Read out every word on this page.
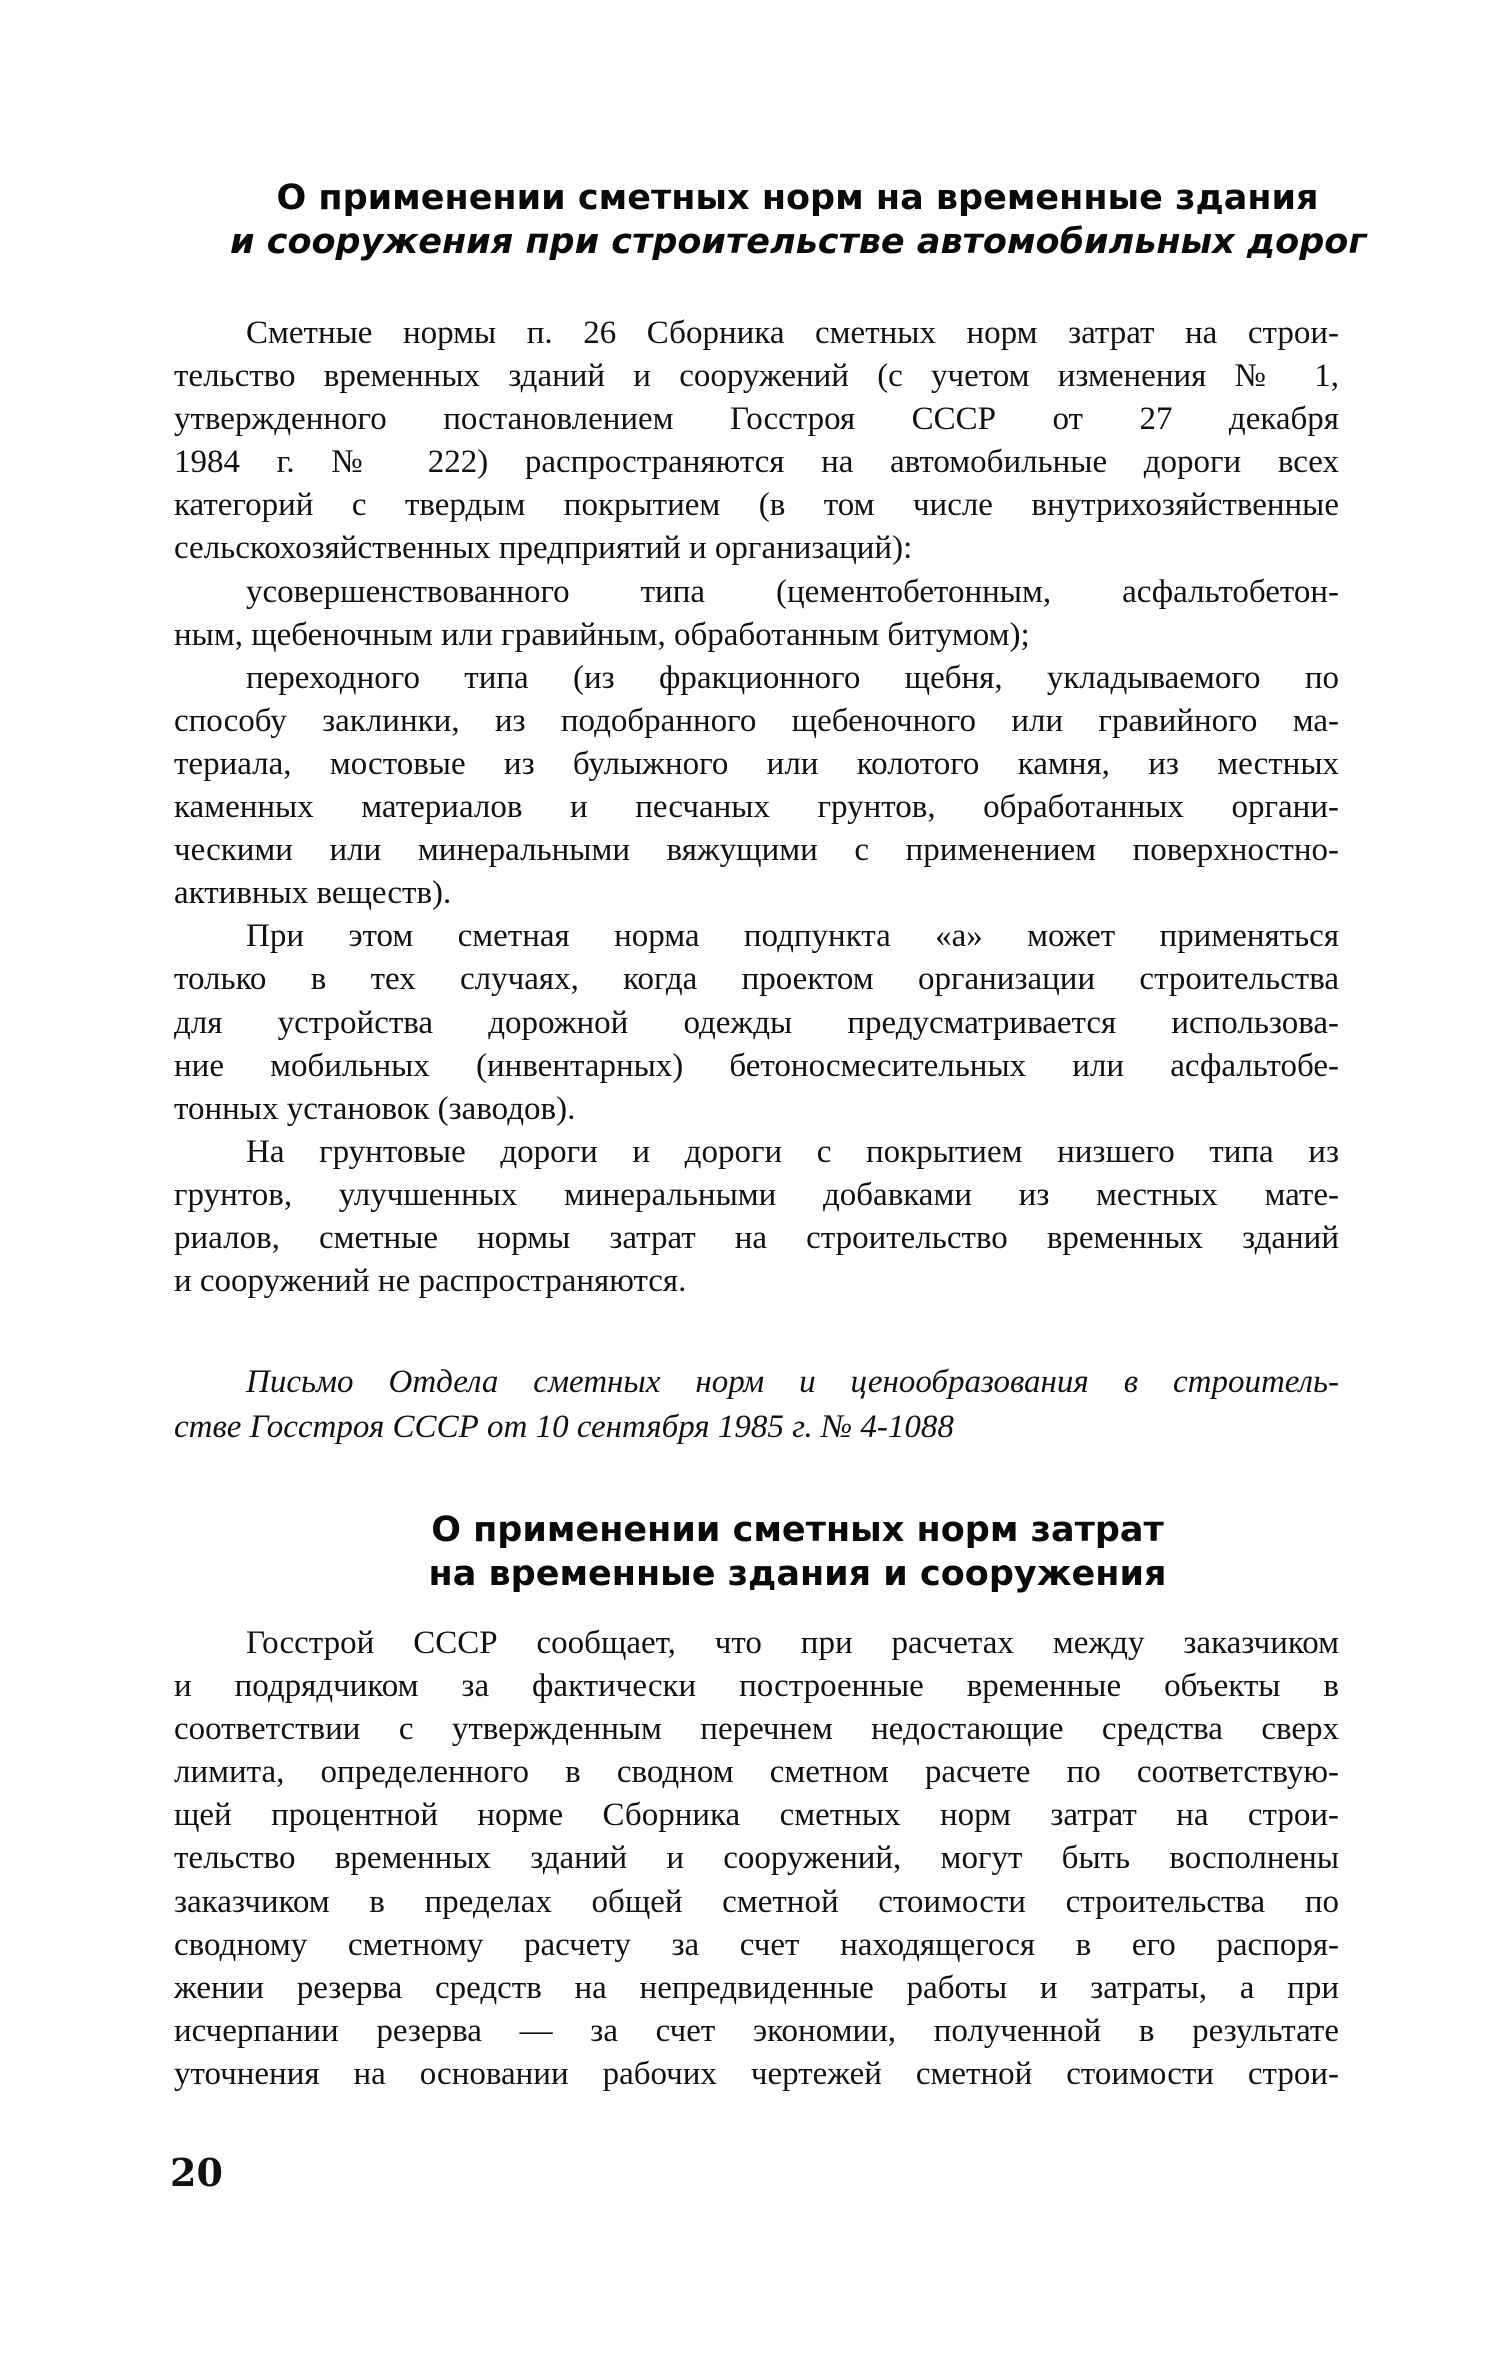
О применении сметных норм на временные здания
и сооружения при строительстве автомобильных дорог
Сметные нормы п. 26 Сборника сметных норм затрат на строи-
тельство временных зданий и сооружений (с учетом изменения № 1,
утвержденного постановлением Госстроя СССР от 27 декабря
1984 г. № 222) распространяются на автомобильные дороги всех
категорий с твердым покрытием (в том числе внутрихозяйственные
сельскохозяйственных предприятий и организаций):
усовершенствованного типа (цементобетонным, асфальтобетон-
ным, щебеночным или гравийным, обработанным битумом);
переходного типа (из фракционного щебня, укладываемого по
способу заклинки, из подобранного щебеночного или гравийного ма-
териала, мостовые из булыжного или колотого камня, из местных
каменных материалов и песчаных грунтов, обработанных органи-
ческими или минеральными вяжущими с применением поверхностно-
активных веществ).
При этом сметная норма подпункта «а» может применяться
только в тех случаях, когда проектом организации строительства
для устройства дорожной одежды предусматривается использова-
ние мобильных (инвентарных) бетоносмесительных или асфальтобе-
тонных установок (заводов).
На грунтовые дороги и дороги с покрытием низшего типа из
грунтов, улучшенных минеральными добавками из местных мате-
риалов, сметные нормы затрат на строительство временных зданий
и сооружений не распространяются.
Письмо Отдела сметных норм и ценообразования в строитель-
стве Госстроя СССР от 10 сентября 1985 г. № 4-1088
О применении сметных норм затрат
на временные здания и сооружения
Госстрой СССР сообщает, что при расчетах между заказчиком
и подрядчиком за фактически построенные временные объекты в
соответствии с утвержденным перечнем недостающие средства сверх
лимита, определенного в сводном сметном расчете по соответствую-
щей процентной норме Сборника сметных норм затрат на строи-
тельство временных зданий и сооружений, могут быть восполнены
заказчиком в пределах общей сметной стоимости строительства по
сводному сметному расчету за счет находящегося в его распоря-
жении резерва средств на непредвиденные работы и затраты, а при
исчерпании резерва — за счет экономии, полученной в результате
уточнения на основании рабочих чертежей сметной стоимости строи-
20
